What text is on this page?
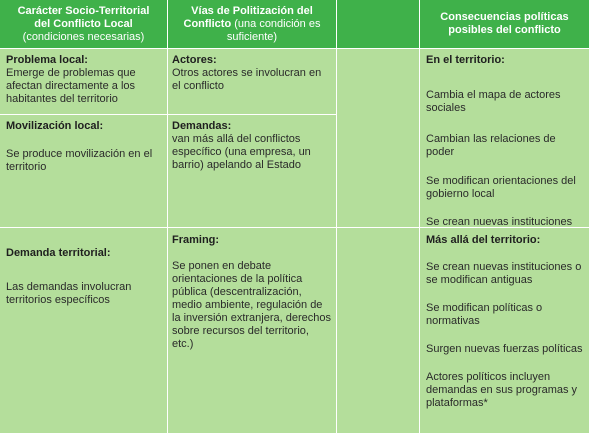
Carácter Socio-Territorial
del Conflicto Local
(condiciones necesarias)
Vías de Politización del
Conflicto (una condición es suficiente)
Consecuencias políticas
posibles del conflicto

Problema local:

Emerge de problemas que afectan directamente a los habitantes del territorio

Movilización local:

Se produce movilización en el territorio

Demanda territorial:

Las demandas involucran territorios específicos

Actores:

Otros actores se involucran en el conflicto

Demandas:

van más allá del conflictos específico (una empresa, un barrio) apelando al Estado

Framing:

Se ponen en debate orientaciones de la política pública (descentralización, medio ambiente, regulación de la inversión extranjera, derechos sobre recursos del territorio, etc.)

En el territorio:

Cambia el mapa de actores sociales

Cambian las relaciones de poder

Se modifican orientaciones del gobierno local

Se crean nuevas instituciones

Más allá del territorio:

Se crean nuevas instituciones o se modifican antiguas

Se modifican políticas o normativas

Surgen nuevas fuerzas políticas

Actores políticos incluyen demandas en sus programas y plataformas*
